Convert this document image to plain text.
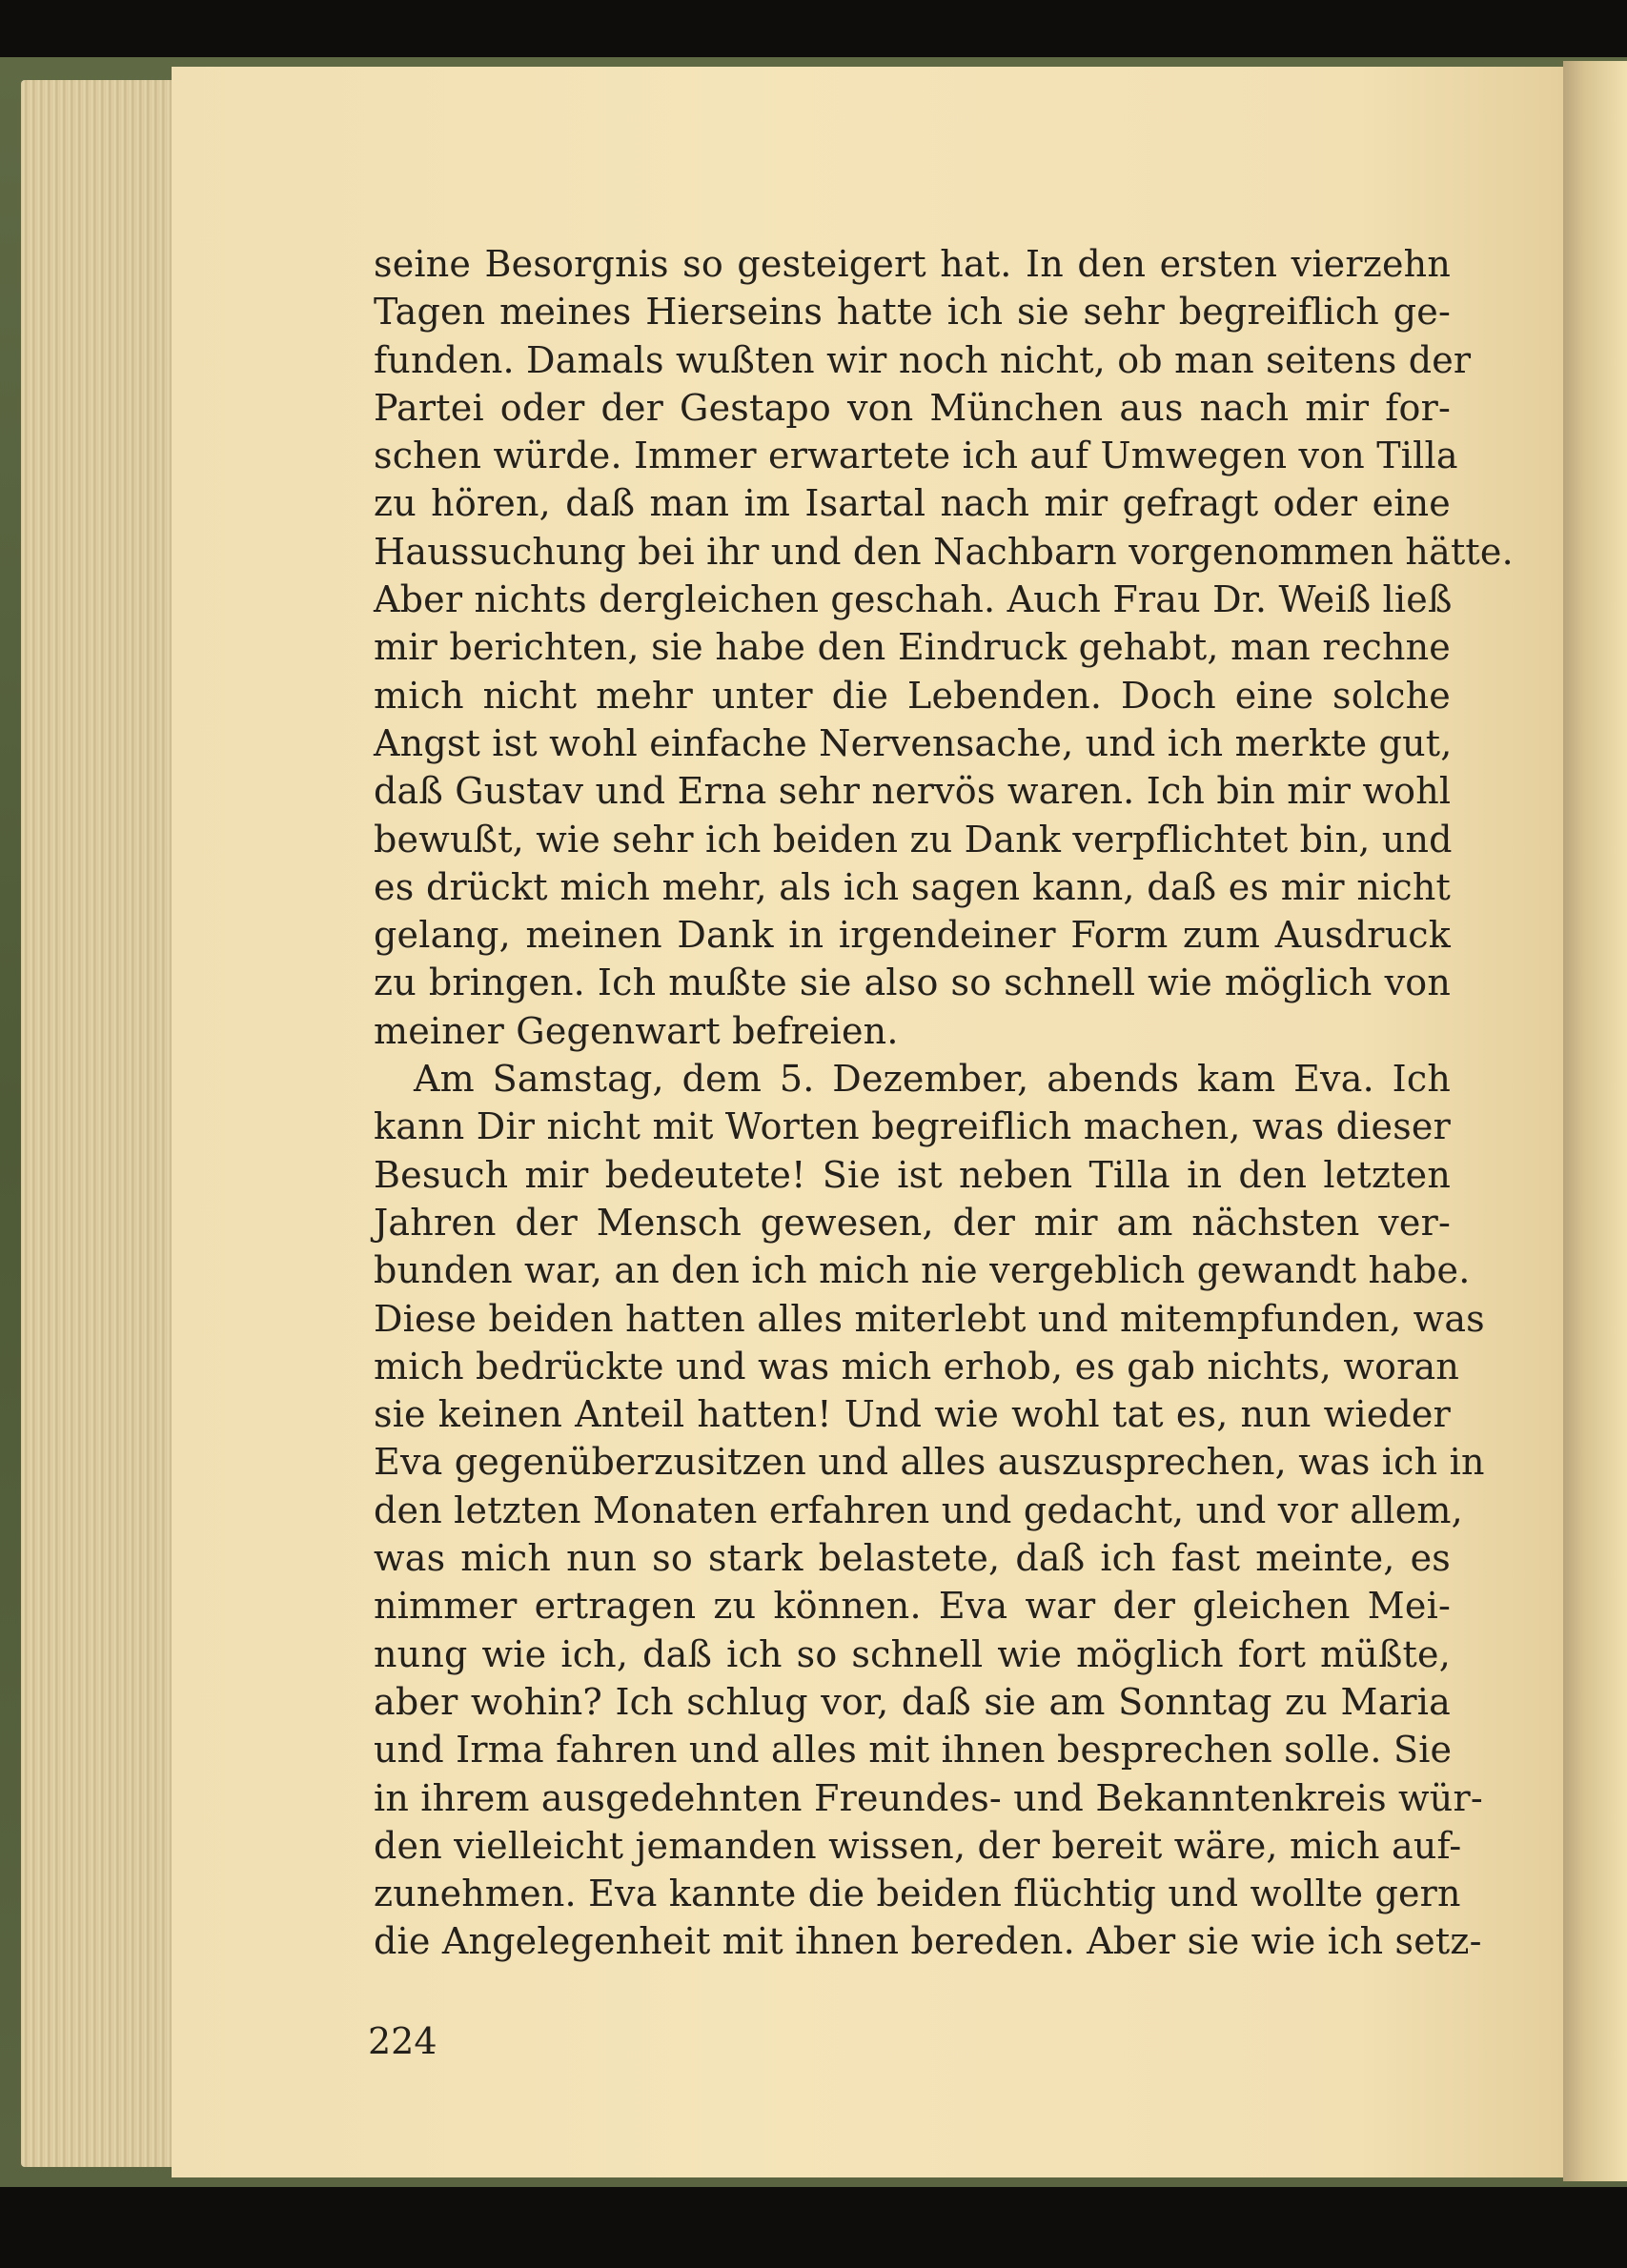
seine Besorgnis so gesteigert hat. In den ersten vierzehn
Tagen meines Hierseins hatte ich sie sehr begreiflich ge-
funden. Damals wußten wir noch nicht, ob man seitens der
Partei oder der Gestapo von München aus nach mir for-
schen würde. Immer erwartete ich auf Umwegen von Tilla
zu hören, daß man im Isartal nach mir gefragt oder eine
Haussuchung bei ihr und den Nachbarn vorgenommen hätte.
Aber nichts dergleichen geschah. Auch Frau Dr. Weiß ließ
mir berichten, sie habe den Eindruck gehabt, man rechne
mich nicht mehr unter die Lebenden. Doch eine solche
Angst ist wohl einfache Nervensache, und ich merkte gut,
daß Gustav und Erna sehr nervös waren. Ich bin mir wohl
bewußt, wie sehr ich beiden zu Dank verpflichtet bin, und
es drückt mich mehr, als ich sagen kann, daß es mir nicht
gelang, meinen Dank in irgendeiner Form zum Ausdruck
zu bringen. Ich mußte sie also so schnell wie möglich von
meiner Gegenwart befreien.
Am Samstag, dem 5. Dezember, abends kam Eva. Ich
kann Dir nicht mit Worten begreiflich machen, was dieser
Besuch mir bedeutete! Sie ist neben Tilla in den letzten
Jahren der Mensch gewesen, der mir am nächsten ver-
bunden war, an den ich mich nie vergeblich gewandt habe.
Diese beiden hatten alles miterlebt und mitempfunden, was
mich bedrückte und was mich erhob, es gab nichts, woran
sie keinen Anteil hatten! Und wie wohl tat es, nun wieder
Eva gegenüberzusitzen und alles auszusprechen, was ich in
den letzten Monaten erfahren und gedacht, und vor allem,
was mich nun so stark belastete, daß ich fast meinte, es
nimmer ertragen zu können. Eva war der gleichen Mei-
nung wie ich, daß ich so schnell wie möglich fort müßte,
aber wohin? Ich schlug vor, daß sie am Sonntag zu Maria
und Irma fahren und alles mit ihnen besprechen solle. Sie
in ihrem ausgedehnten Freundes- und Bekanntenkreis wür-
den vielleicht jemanden wissen, der bereit wäre, mich auf-
zunehmen. Eva kannte die beiden flüchtig und wollte gern
die Angelegenheit mit ihnen bereden. Aber sie wie ich setz-
224
